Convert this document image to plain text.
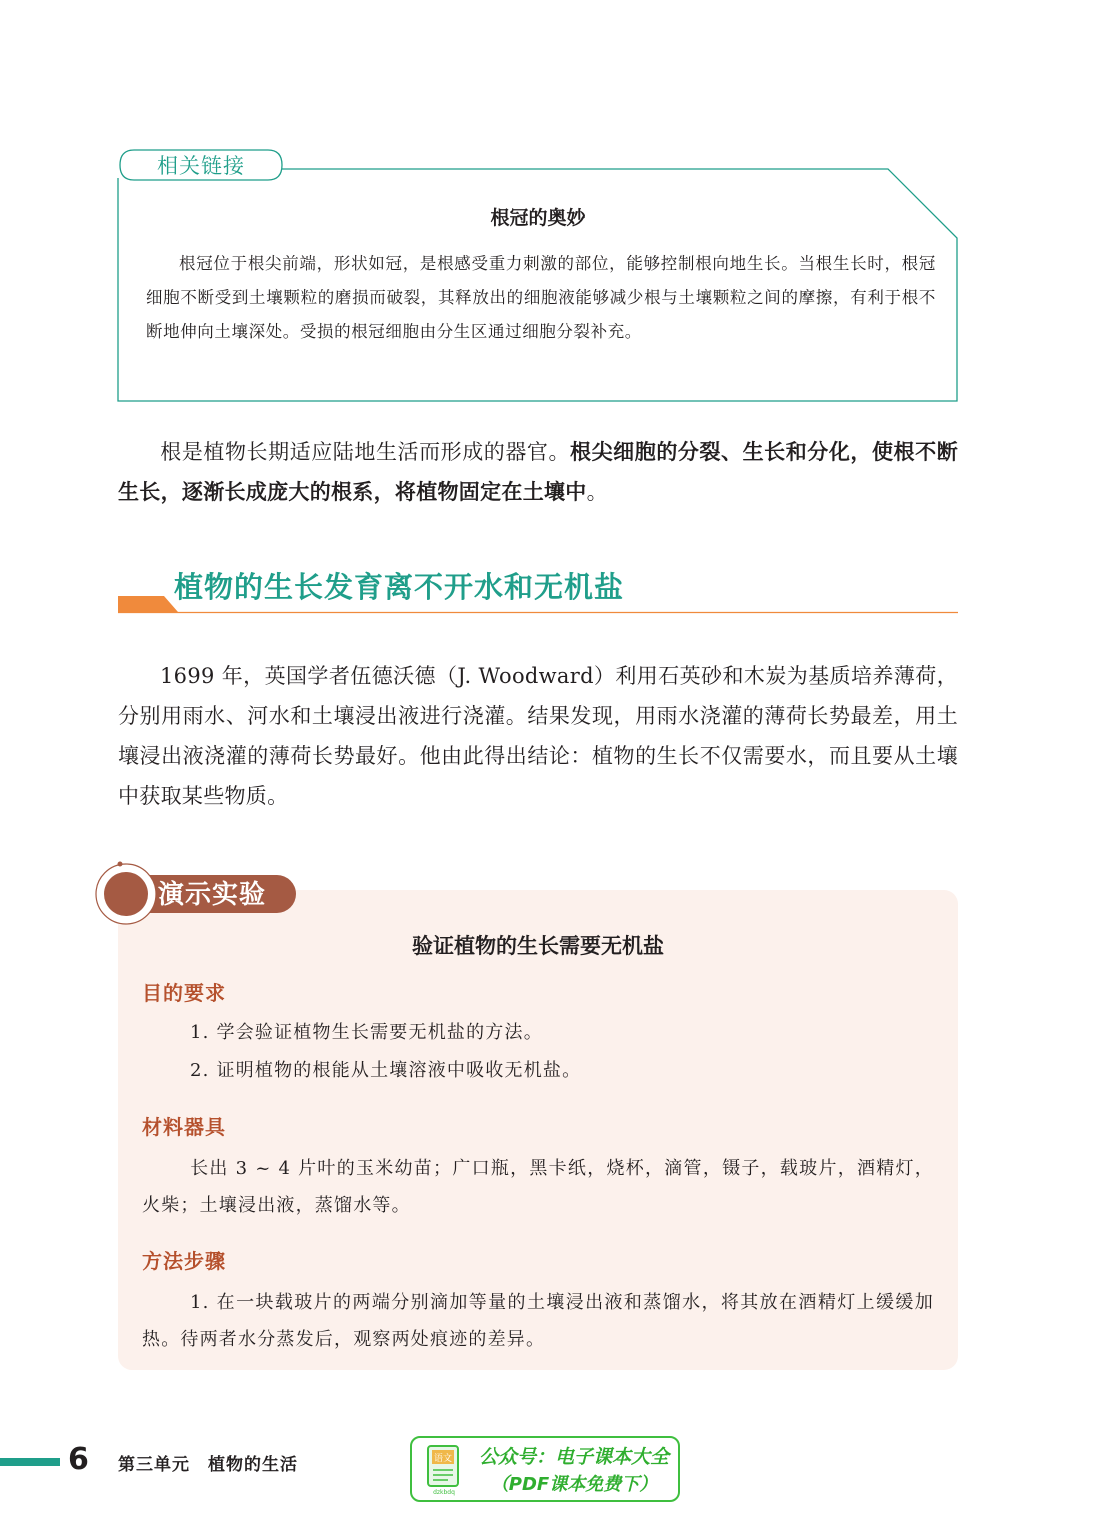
相关链接
根冠的奥妙
根冠位于根尖前端，形状如冠，是根感受重力刺激的部位，能够控制根向地生长。当根生长时，根冠细胞不断受到土壤颗粒的磨损而破裂，其释放出的细胞液能够减少根与土壤颗粒之间的摩擦，有利于根不断地伸向土壤深处。受损的根冠细胞由分生区通过细胞分裂补充。
根是植物长期适应陆地生活而形成的器官。根尖细胞的分裂、生长和分化，使根不断生长，逐渐长成庞大的根系，将植物固定在土壤中。
植物的生长发育离不开水和无机盐
1699 年，英国学者伍德沃德（J. Woodward）利用石英砂和木炭为基质培养薄荷，分别用雨水、河水和土壤浸出液进行浇灌。结果发现，用雨水浇灌的薄荷长势最差，用土壤浸出液浇灌的薄荷长势最好。他由此得出结论：植物的生长不仅需要水，而且要从土壤中获取某些物质。
演示实验
验证植物的生长需要无机盐
目的要求
1. 学会验证植物生长需要无机盐的方法。
2. 证明植物的根能从土壤溶液中吸收无机盐。
材料器具
长出 3 ~ 4 片叶的玉米幼苗；广口瓶，黑卡纸，烧杯，滴管，镊子，载玻片，酒精灯，火柴；土壤浸出液，蒸馏水等。
方法步骤
1. 在一块载玻片的两端分别滴加等量的土壤浸出液和蒸馏水，将其放在酒精灯上缓缓加热。待两者水分蒸发后，观察两处痕迹的差异。
6 第三单元　植物的生活	语文
dzkbdq
公众号：电子课本大全
（PDF课本免费下）
